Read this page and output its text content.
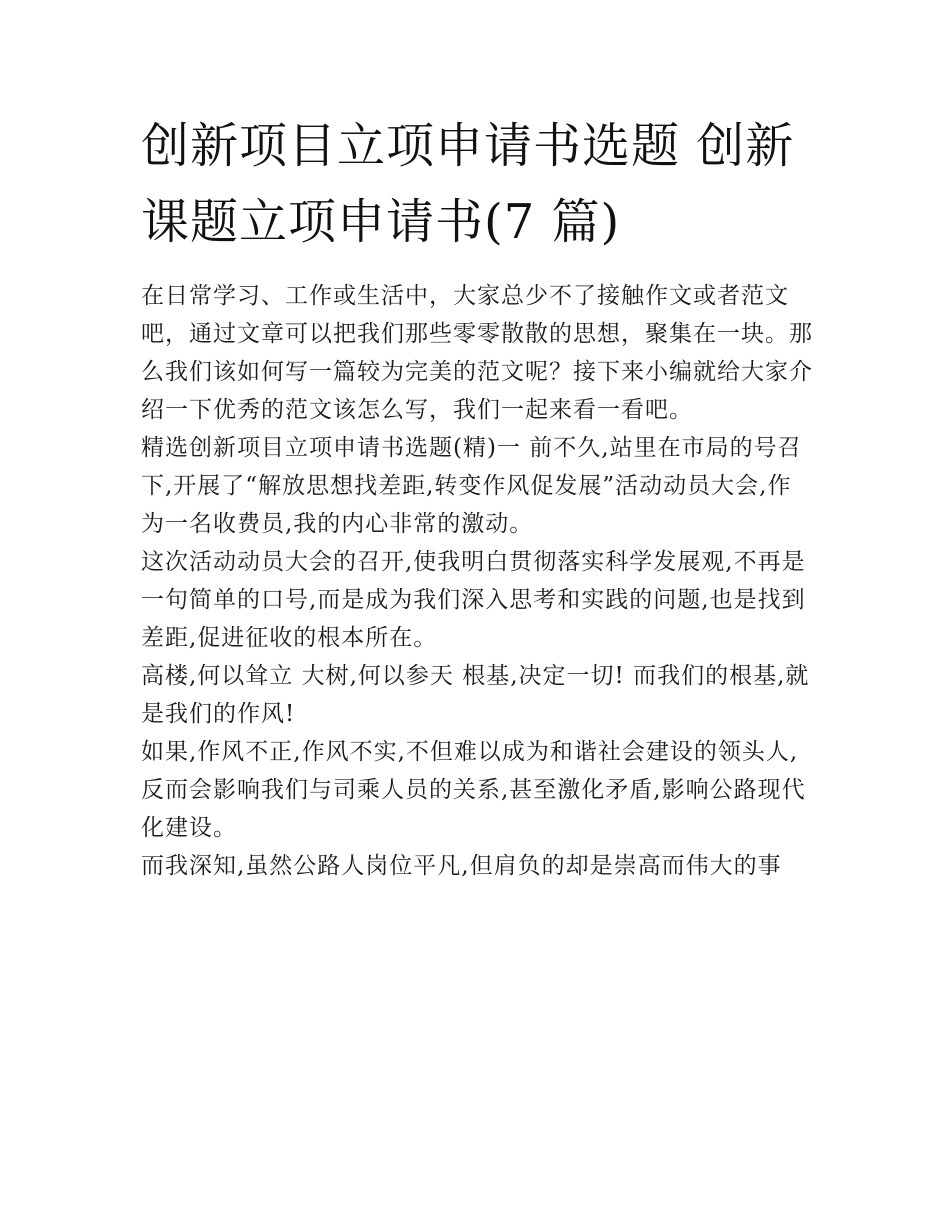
创新项目立项申请书选题 创新课题立项申请书(7 篇)

在日常学习、工作或生活中，大家总少不了接触作文或者范文吧，通过文章可以把我们那些零零散散的思想，聚集在一块。那么我们该如何写一篇较为完美的范文呢？接下来小编就给大家介绍一下优秀的范文该怎么写，我们一起来看一看吧。

精选创新项目立项申请书选题(精)一 前不久,站里在市局的号召下,开展了“解放思想找差距,转变作风促发展”活动动员大会,作为一名收费员,我的内心非常的激动。

这次活动动员大会的召开,使我明白贯彻落实科学发展观,不再是一句简单的口号,而是成为我们深入思考和实践的问题,也是找到差距,促进征收的根本所在。

高楼,何以耸立 大树,何以参天 根基,决定一切! 而我们的根基,就是我们的作风!

如果,作风不正,作风不实,不但难以成为和谐社会建设的领头人,反而会影响我们与司乘人员的关系,甚至激化矛盾,影响公路现代化建设。

而我深知,虽然公路人岗位平凡,但肩负的却是崇高而伟大的事
